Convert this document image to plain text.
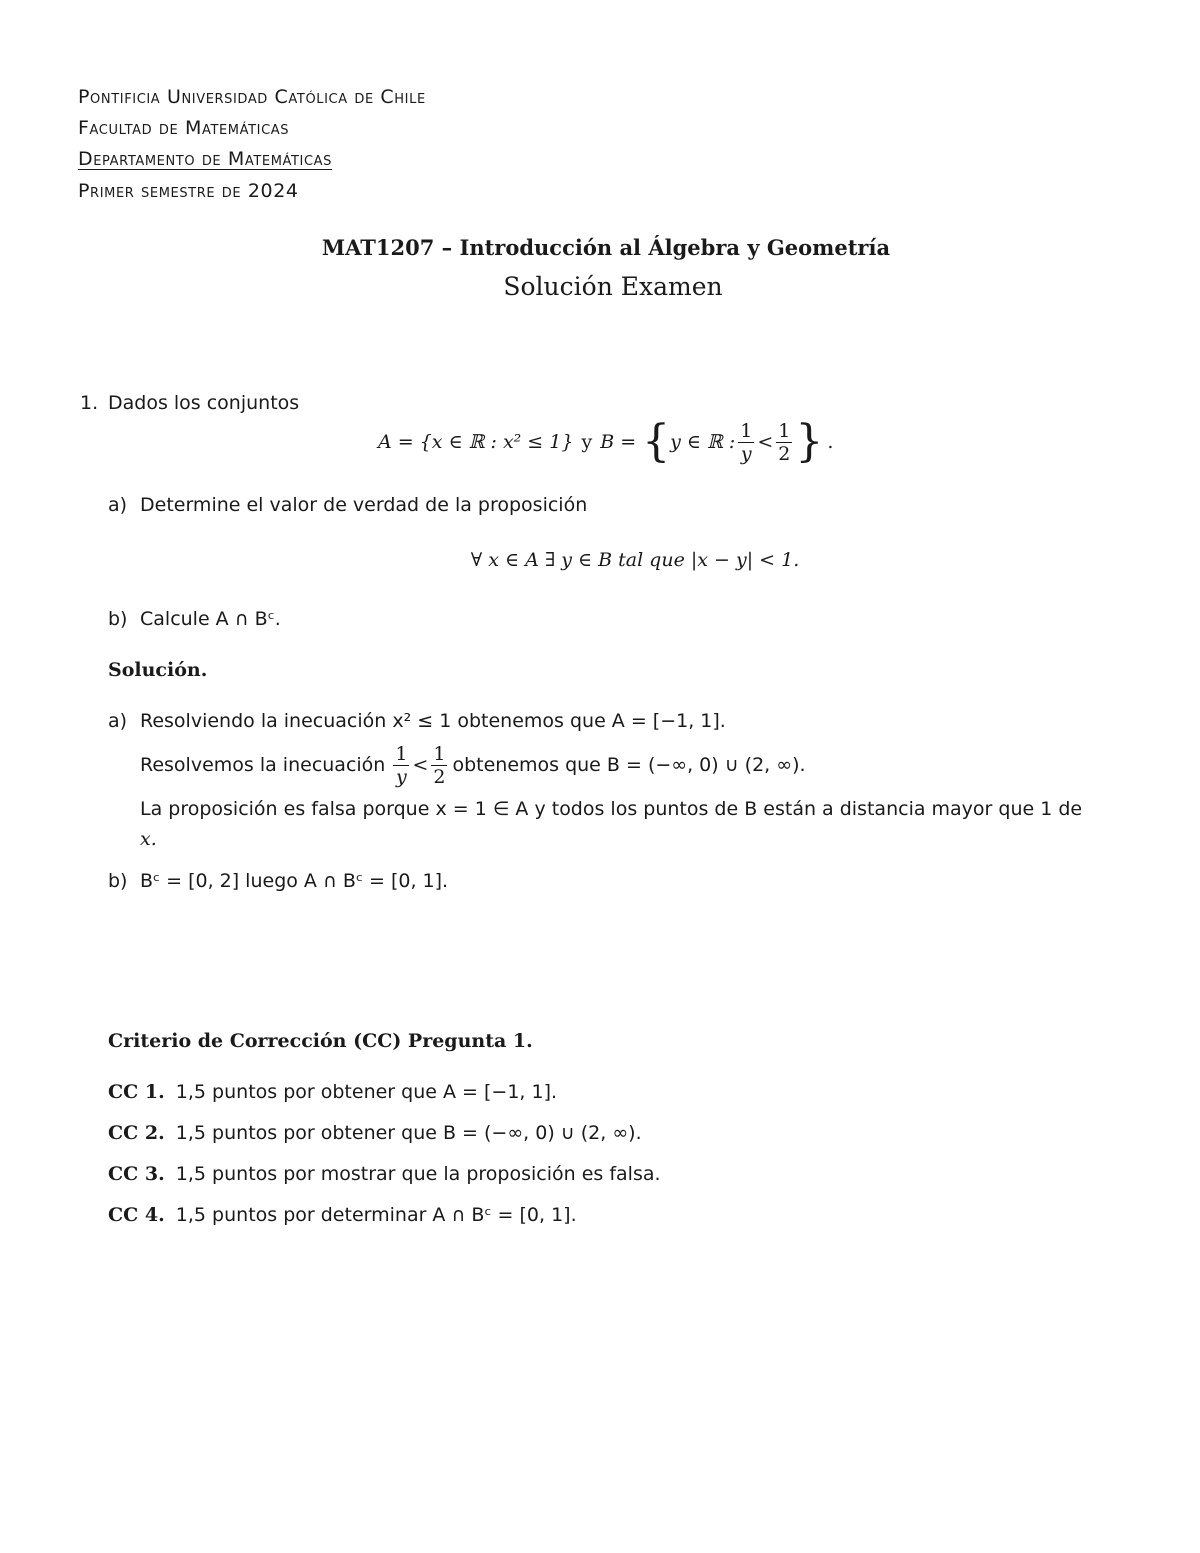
Pontificia Universidad Católica de Chile
Facultad de Matemáticas
Departamento de Matemáticas
Primer semestre de 2024
MAT1207 – Introducción al Álgebra y Geometría
Solución Examen
1. Dados los conjuntos
A = {x ∈ ℝ : x² ≤ 1} y B = { y ∈ ℝ : $\frac{1}{y} < \frac{1}{2}$ } .
a) Determine el valor de verdad de la proposición
∀ x ∈ A ∃ y ∈ B tal que |x − y| < 1.
b) Calcule A ∩ Bᶜ.
Solución.
a) Resolviendo la inecuación x² ≤ 1 obtenemos que A = [−1, 1].
Resolvemos la inecuación $\frac{1}{y} < \frac{1}{2}$ obtenemos que B = (−∞, 0) ∪ (2, ∞).
La proposición es falsa porque x = 1 ∈ A y todos los puntos de B están a distancia mayor que 1 de
x.
b) Bᶜ = [0, 2] luego A ∩ Bᶜ = [0, 1].
Criterio de Corrección (CC) Pregunta 1.
CC 1. 1,5 puntos por obtener que A = [−1, 1].
CC 2. 1,5 puntos por obtener que B = (−∞, 0) ∪ (2, ∞).
CC 3. 1,5 puntos por mostrar que la proposición es falsa.
CC 4. 1,5 puntos por determinar A ∩ Bᶜ = [0, 1].
